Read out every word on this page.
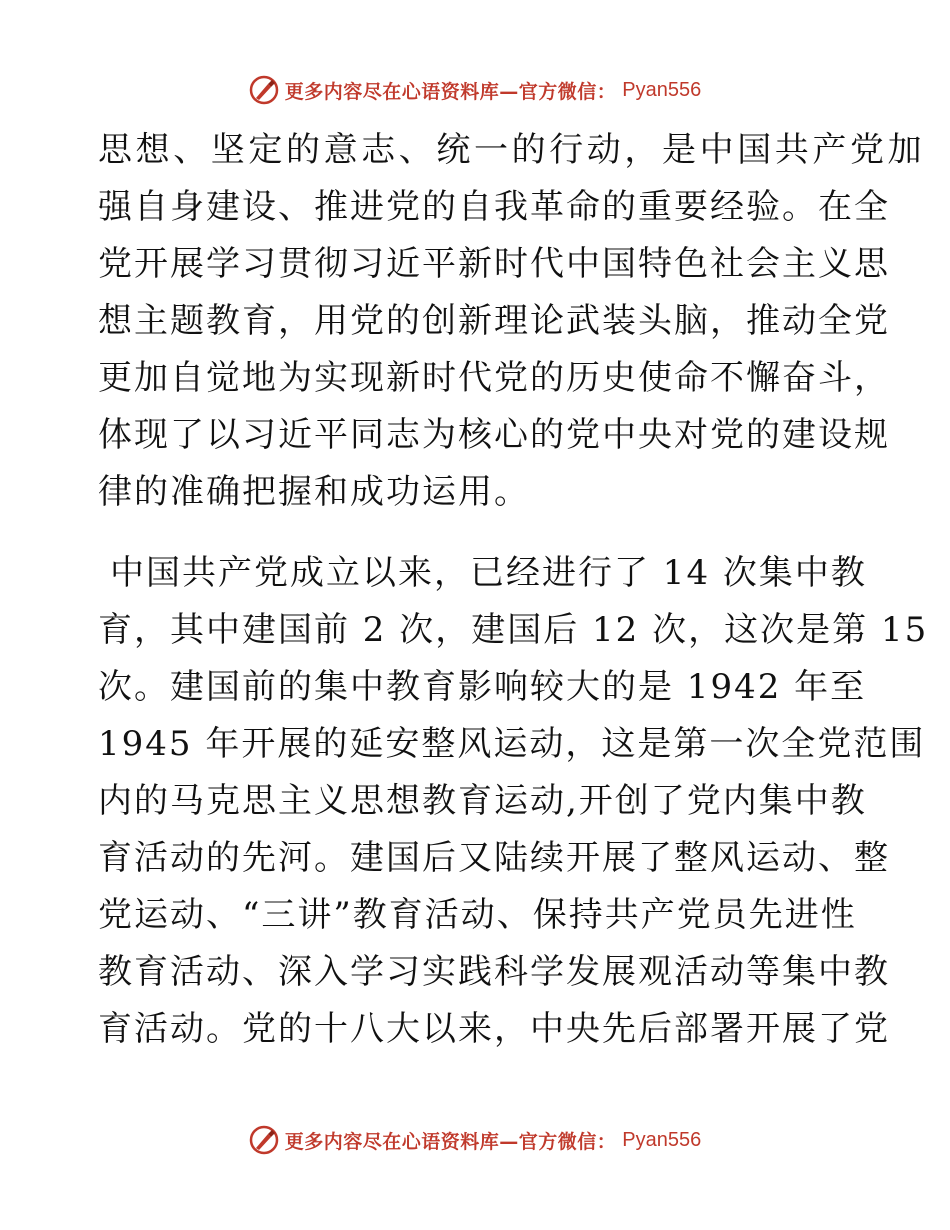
更多内容尽在心语资料库—官方微信： Pyan556
思想、坚定的意志、统一的行动，是中国共产党加
强自身建设、推进党的自我革命的重要经验。在全
党开展学习贯彻习近平新时代中国特色社会主义思
想主题教育，用党的创新理论武装头脑，推动全党
更加自觉地为实现新时代党的历史使命不懈奋斗，
体现了以习近平同志为核心的党中央对党的建设规
律的准确把握和成功运用。
中国共产党成立以来，已经进行了 14 次集中教
育，其中建国前 2 次，建国后 12 次，这次是第 15
次。建国前的集中教育影响较大的是 1942 年至
1945 年开展的延安整风运动，这是第一次全党范围
内的马克思主义思想教育运动,开创了党内集中教
育活动的先河。建国后又陆续开展了整风运动、整
党运动、“三讲”教育活动、保持共产党员先进性
教育活动、深入学习实践科学发展观活动等集中教
育活动。党的十八大以来，中央先后部署开展了党
更多内容尽在心语资料库—官方微信： Pyan556
